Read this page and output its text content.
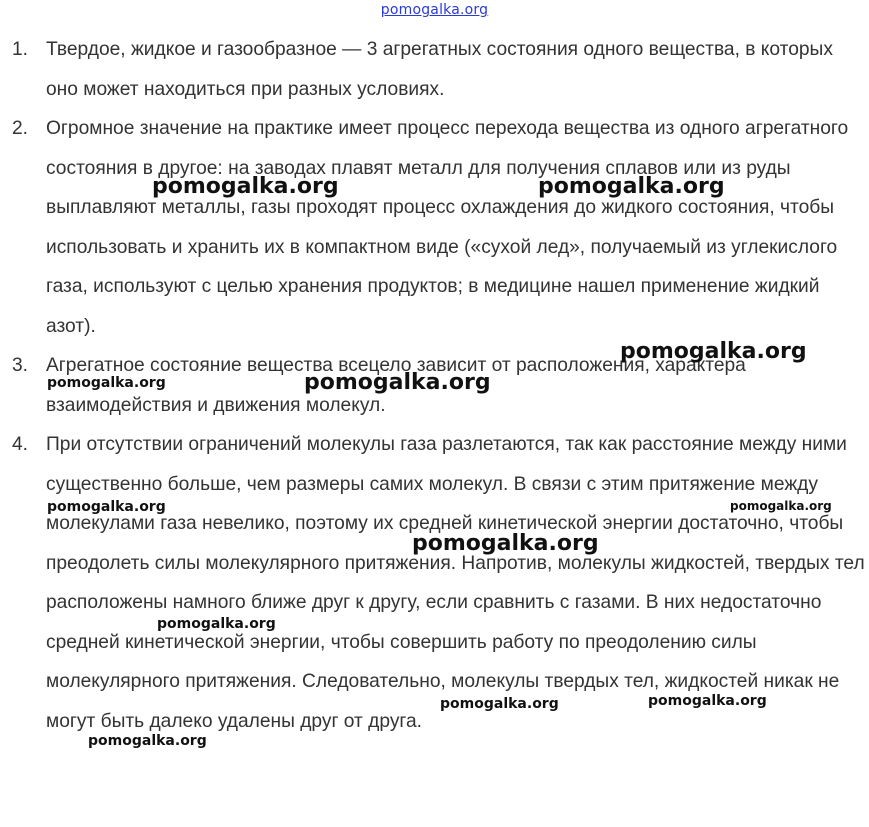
pomogalka.org
1. Твердое, жидкое и газообразное — 3 агрегатных состояния одного вещества, в которых оно может находиться при разных условиях.
2. Огромное значение на практике имеет процесс перехода вещества из одного агрегатного состояния в другое: на заводах плавят металл для получения сплавов или из руды выплавляют металлы, газы проходят процесс охлаждения до жидкого состояния, чтобы использовать и хранить их в компактном виде («сухой лед», получаемый из углекислого газа, используют с целью хранения продуктов; в медицине нашел применение жидкий азот).
3. Агрегатное состояние вещества всецело зависит от расположения, характера взаимодействия и движения молекул.
4. При отсутствии ограничений молекулы газа разлетаются, так как расстояние между ними существенно больше, чем размеры самих молекул. В связи с этим притяжение между молекулами газа невелико, поэтому их средней кинетической энергии достаточно, чтобы преодолеть силы молекулярного притяжения. Напротив, молекулы жидкостей, твердых тел расположены намного ближе друг к другу, если сравнить с газами. В них недостаточно средней кинетической энергии, чтобы совершить работу по преодолению силы молекулярного притяжения. Следовательно, молекулы твердых тел, жидкостей никак не могут быть далеко удалены друг от друга.
pomogalka.org	pomogalka.org
pomogalka.org
pomogalka.org	pomogalka.org
pomogalka.org	pomogalka.org
pomogalka.org
pomogalka.org
pomogalka.org	pomogalka.org
pomogalka.org
